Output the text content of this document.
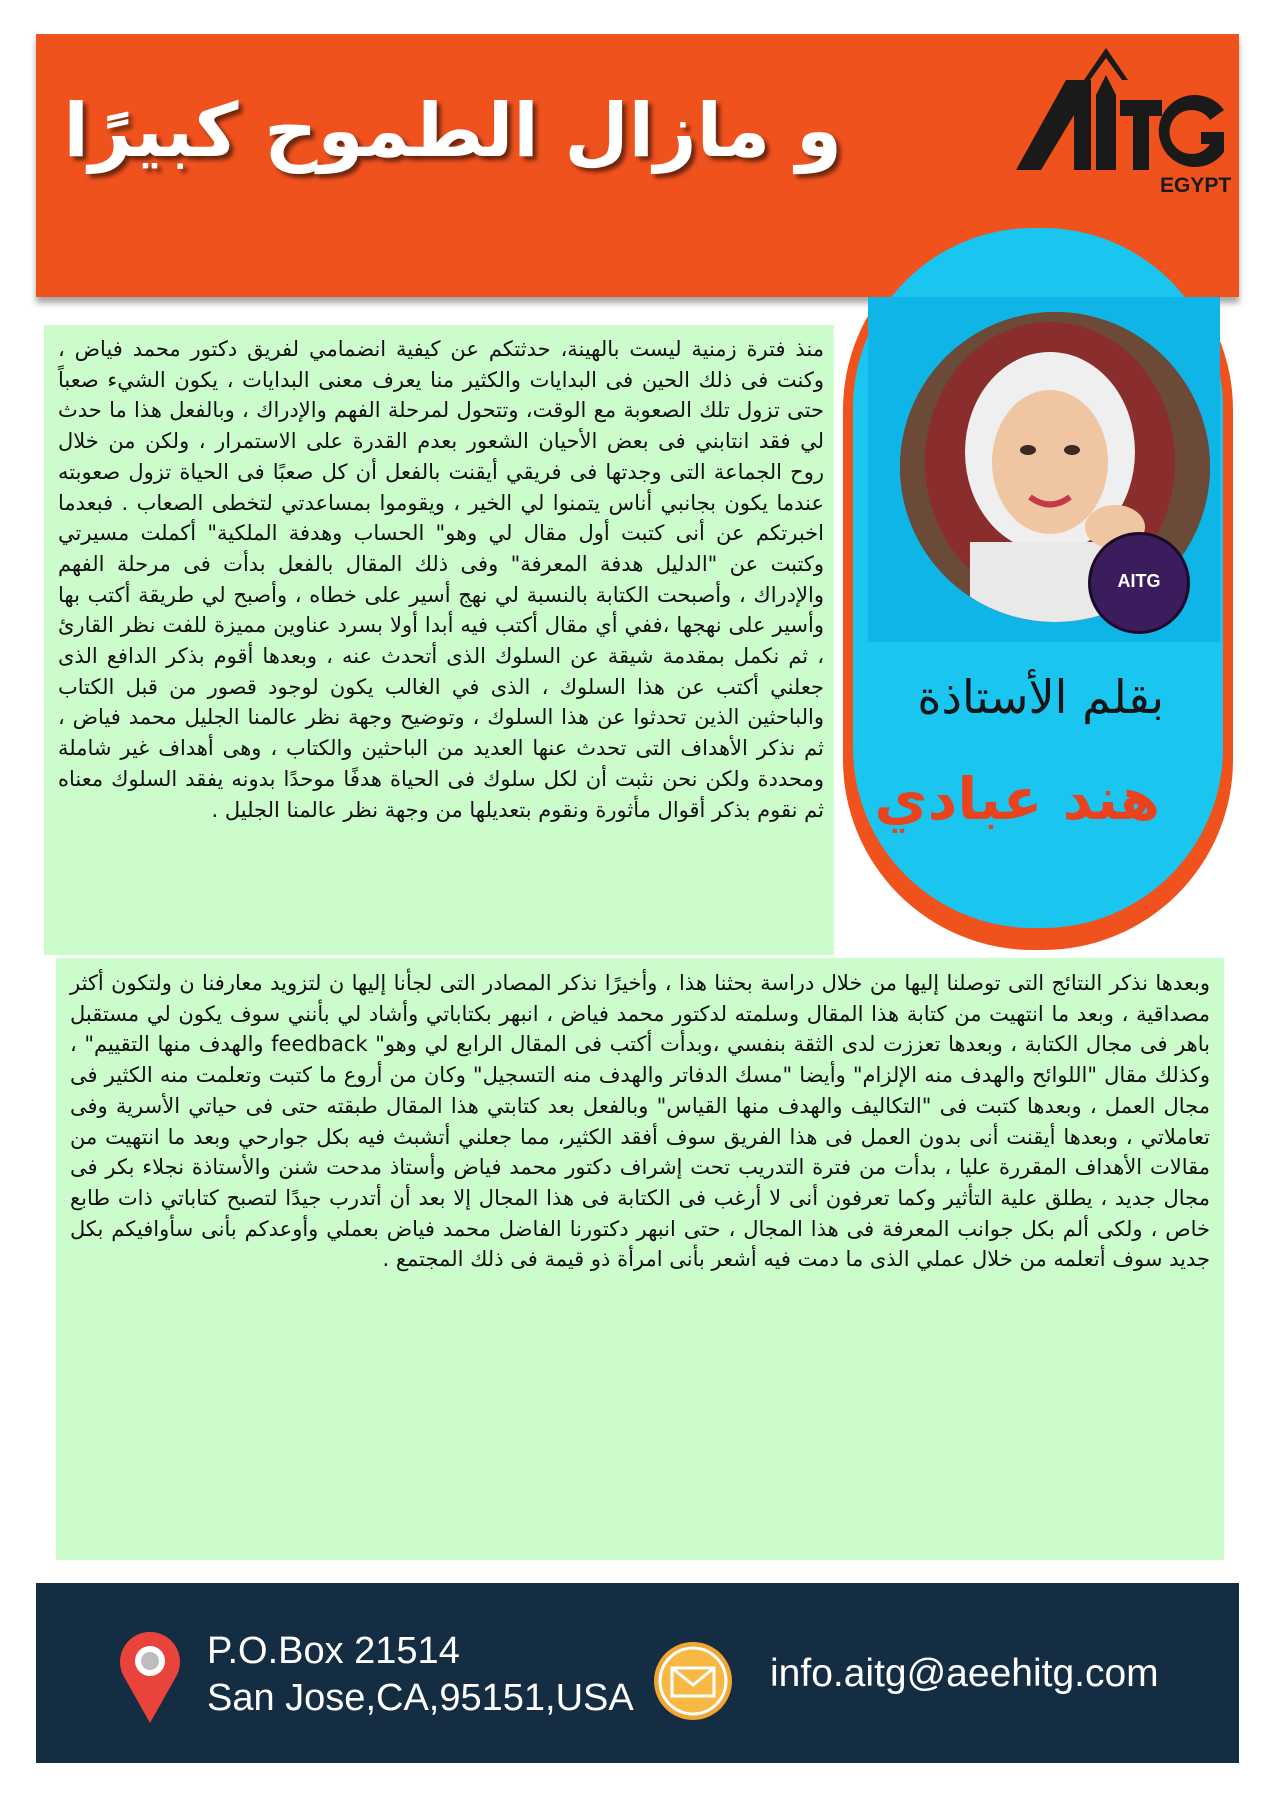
EGYPT
و مازال الطموح كبيرًا
AITG
بقلم الأستاذة
هند عبادي
منذ فترة زمنية ليست بالهينة، حدثتكم عن كيفية انضمامي لفريق دكتور محمد فياض ، وكنت فى ذلك الحين فى البدايات والكثير منا يعرف معنى البدايات ، يكون الشيء صعباً حتى تزول تلك الصعوبة مع الوقت، وتتحول لمرحلة الفهم والإدراك ، وبالفعل هذا ما حدث لي فقد انتابني فى بعض الأحيان الشعور بعدم القدرة على الاستمرار ، ولكن من خلال روح الجماعة التى وجدتها فى فريقي أيقنت بالفعل أن كل صعبًا فى الحياة تزول صعوبته عندما يكون بجانبي أناس يتمنوا لي الخير ، ويقوموا بمساعدتي لتخطى الصعاب . فبعدما اخبرتكم عن أنى كتبت أول مقال لي وهو" الحساب وهدفة الملكية" أكملت مسيرتي وكتبت عن "الدليل هدفة المعرفة" وفى ذلك المقال بالفعل بدأت فى مرحلة الفهم والإدراك ، وأصبحت الكتابة بالنسبة لي نهج أسير على خطاه ، وأصبح لي طريقة أكتب بها وأسير على نهجها ،ففي أي مقال أكتب فيه أبدا أولا بسرد عناوين مميزة للفت نظر القارئ ، ثم نكمل بمقدمة شيقة عن السلوك الذى أتحدث عنه ، وبعدها أقوم بذكر الدافع الذى جعلني أكتب عن هذا السلوك ، الذى في الغالب يكون لوجود قصور من قبل الكتاب والباحثين الذين تحدثوا عن هذا السلوك ، وتوضيح وجهة نظر عالمنا الجليل محمد فياض ، ثم نذكر الأهداف التى تحدث عنها العديد من الباحثين والكتاب ، وهى أهداف غير شاملة ومحددة ولكن نحن نثبت أن لكل سلوك فى الحياة هدفًا موحدًا بدونه يفقد السلوك معناه ثم نقوم بذكر أقوال مأثورة ونقوم بتعديلها من وجهة نظر عالمنا الجليل .
وبعدها نذكر النتائج التى توصلنا إليها من خلال دراسة بحثنا هذا ، وأخيرًا نذكر المصادر التى لجأنا إليها ن لتزويد معارفنا ن ولتكون أكثر مصداقية ، وبعد ما انتهيت من كتابة هذا المقال وسلمته لدكتور محمد فياض ، انبهر بكتاباتي وأشاد لي بأنني سوف يكون لي مستقبل باهر فى مجال الكتابة ، وبعدها تعززت لدى الثقة بنفسي ،وبدأت أكتب فى المقال الرابع لي وهو" feedback والهدف منها التقييم" ، وكذلك مقال "اللوائح والهدف منه الإلزام" وأيضا "مسك الدفاتر والهدف منه التسجيل" وكان من أروع ما كتبت وتعلمت منه الكثير فى مجال العمل ، وبعدها كتبت فى "التكاليف والهدف منها القياس" وبالفعل بعد كتابتي هذا المقال طبقته حتى فى حياتي الأسرية وفى تعاملاتي ، وبعدها أيقنت أنى بدون العمل فى هذا الفريق سوف أفقد الكثير، مما جعلني أتشبث فيه بكل جوارحي وبعد ما انتهيت من مقالات الأهداف المقررة عليا ، بدأت من فترة التدريب تحت إشراف دكتور محمد فياض وأستاذ مدحت شنن والأستاذة نجلاء بكر فى مجال جديد ، يطلق علية التأثير وكما تعرفون أنى لا أرغب فى الكتابة فى هذا المجال إلا بعد أن أتدرب جيدًا لتصبح كتاباتي ذات طابع خاص ، ولكى ألم بكل جوانب المعرفة فى هذا المجال ، حتى انبهر دكتورنا الفاضل محمد فياض بعملي وأوعدكم بأنى سأوافيكم بكل جديد سوف أتعلمه من خلال عملي الذى ما دمت فيه أشعر بأنى امرأة ذو قيمة فى ذلك المجتمع .
P.O.Box 21514
San Jose,CA,95151,USA
info.aitg@aeehitg.com
